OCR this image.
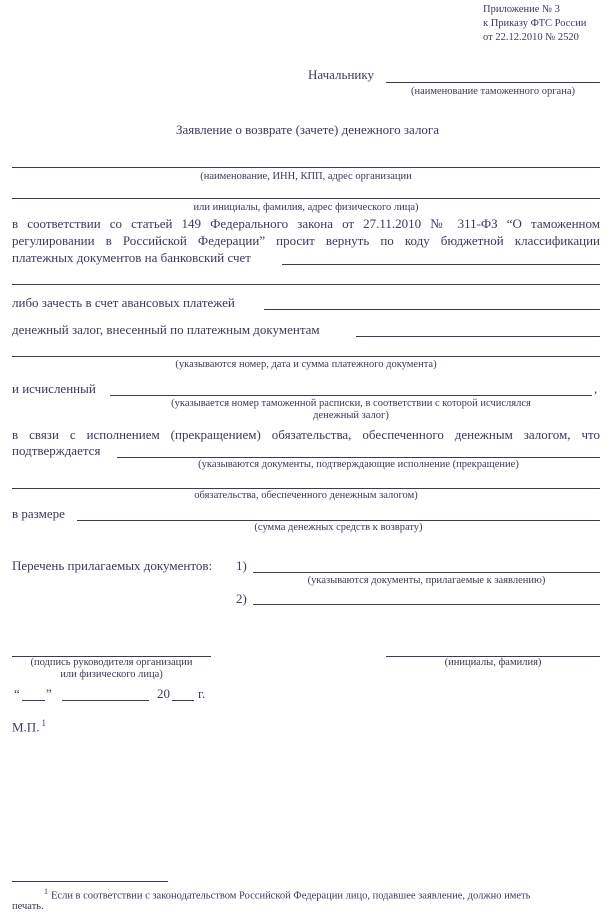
Приложение № 3
к Приказу ФТС России
от 22.12.2010 № 2520
Начальнику
(наименование таможенного органа)
Заявление о возврате (зачете) денежного залога
(наименование, ИНН, КПП, адрес организации
или инициалы, фамилия, адрес физического лица)
в соответствии со статьей 149 Федерального закона от 27.11.2010 № 311-ФЗ “О таможенном
регулировании в Российской Федерации” просит вернуть по коду бюджетной классификации
платежных документов на банковский счет
либо зачесть в счет авансовых платежей
денежный залог, внесенный по платежным документам
(указываются номер, дата и сумма платежного документа)
и исчисленный	,
(указывается номер таможенной расписки, в соответствии с которой исчислялся
денежный залог)
в связи с исполнением (прекращением) обязательства, обеспеченного денежным залогом, что
подтверждается
(указываются документы, подтверждающие исполнение (прекращение)
обязательства, обеспеченного денежным залогом)
в размере
(сумма денежных средств к возврату)
Перечень прилагаемых документов: 1)
(указываются документы, прилагаемые к заявлению)
2)
(подпись руководителя организации
или физического лица)
(инициалы, фамилия)
“ ”	20 г.
М.П. $^1$
$^1$ Если в соответствии с законодательством Российской Федерации лицо, подавшее заявление, должно иметь
печать.
